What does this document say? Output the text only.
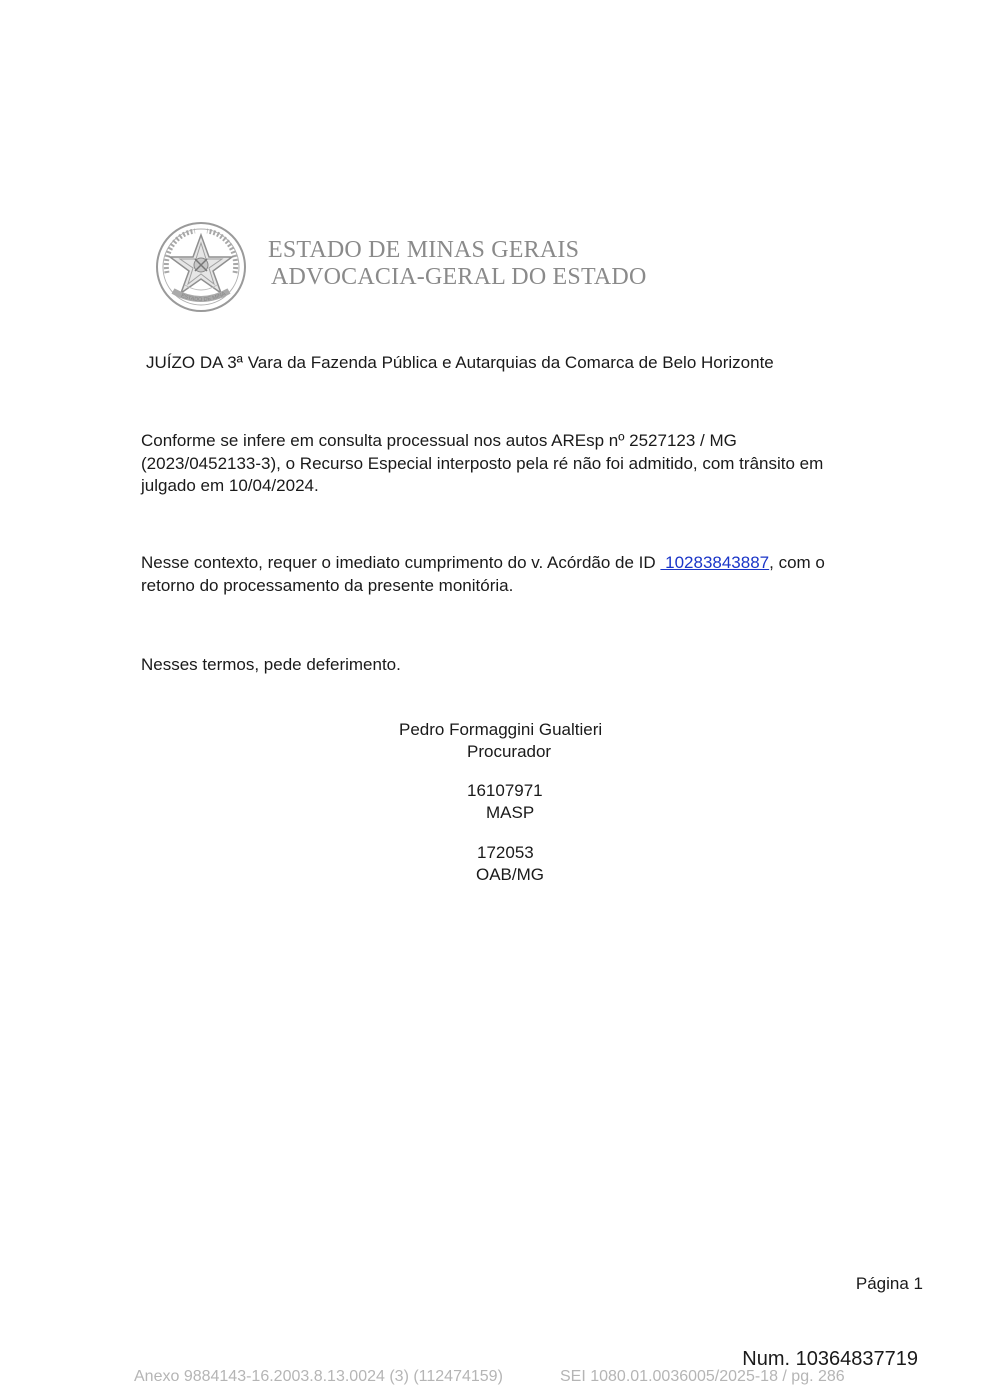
ESTADO DE MINA
ESTADO DE MINAS GERAIS
ADVOCACIA-GERAL DO ESTADO
JUÍZO DA 3ª Vara da Fazenda Pública e Autarquias da Comarca de Belo Horizonte
Conforme se infere em consulta processual nos autos AREsp nº 2527123 / MG
(2023/0452133-3), o Recurso Especial interposto pela ré não foi admitido, com trânsito em
julgado em 10/04/2024.
Nesse contexto, requer o imediato cumprimento do v. Acórdão de ID  10283843887, com o
retorno do processamento da presente monitória.
Nesses termos, pede deferimento.
Pedro Formaggini Gualtieri
Procurador
16107971
MASP
172053
OAB/MG
Página 1
Num. 10364837719
Anexo 9884143-16.2003.8.13.0024 (3) (112474159)	SEI 1080.01.0036005/2025-18 / pg. 286
